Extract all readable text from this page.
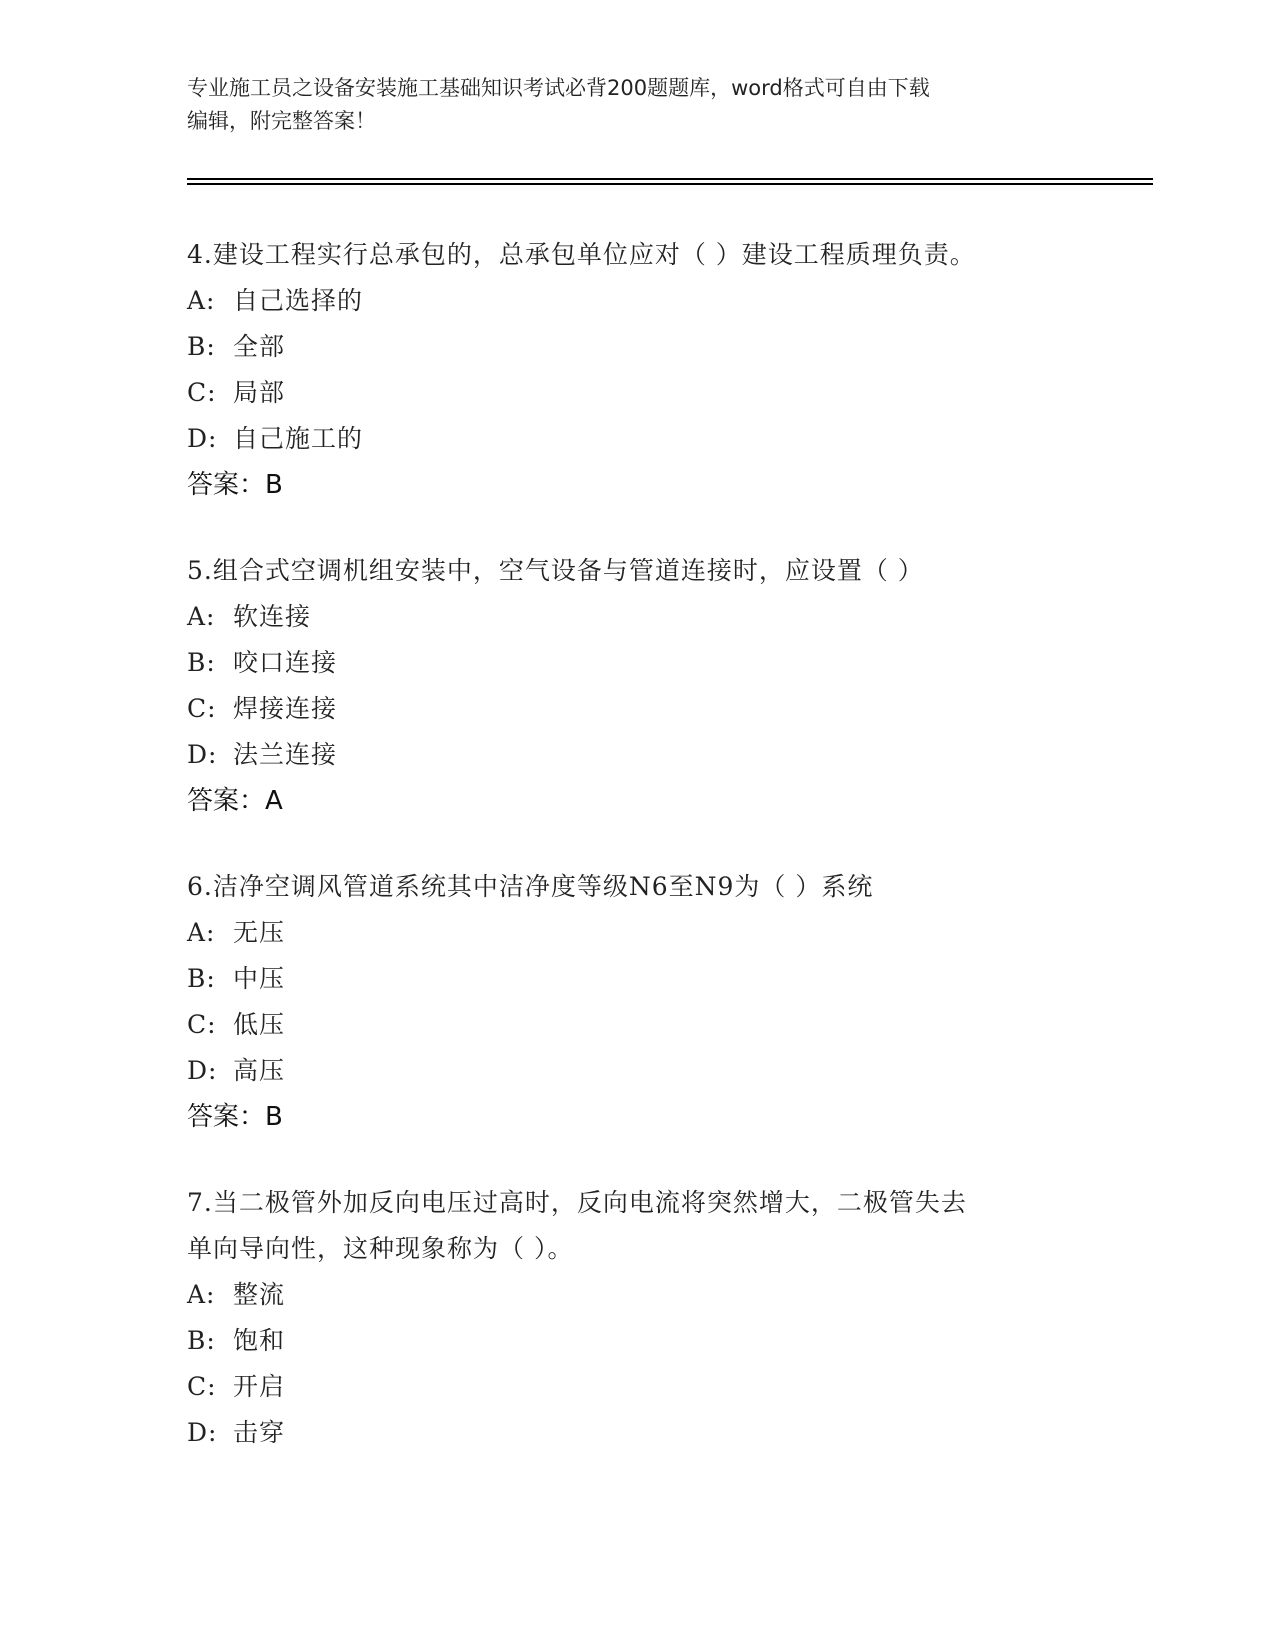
专业施工员之设备安装施工基础知识考试必背200题题库，word格式可自由下载
编辑，附完整答案！
4.建设工程实行总承包的，总承包单位应对（ ）建设工程质理负责。
A: 自己选择的
B: 全部
C: 局部
D: 自己施工的
答案：B
5.组合式空调机组安装中，空气设备与管道连接时，应设置（ ）
A: 软连接
B: 咬口连接
C: 焊接连接
D: 法兰连接
答案：A
6.洁净空调风管道系统其中洁净度等级N6至N9为（ ）系统
A: 无压
B: 中压
C: 低压
D: 高压
答案：B
7.当二极管外加反向电压过高时，反向电流将突然增大，二极管失去
单向导向性，这种现象称为（ ）。
A: 整流
B: 饱和
C: 开启
D: 击穿
